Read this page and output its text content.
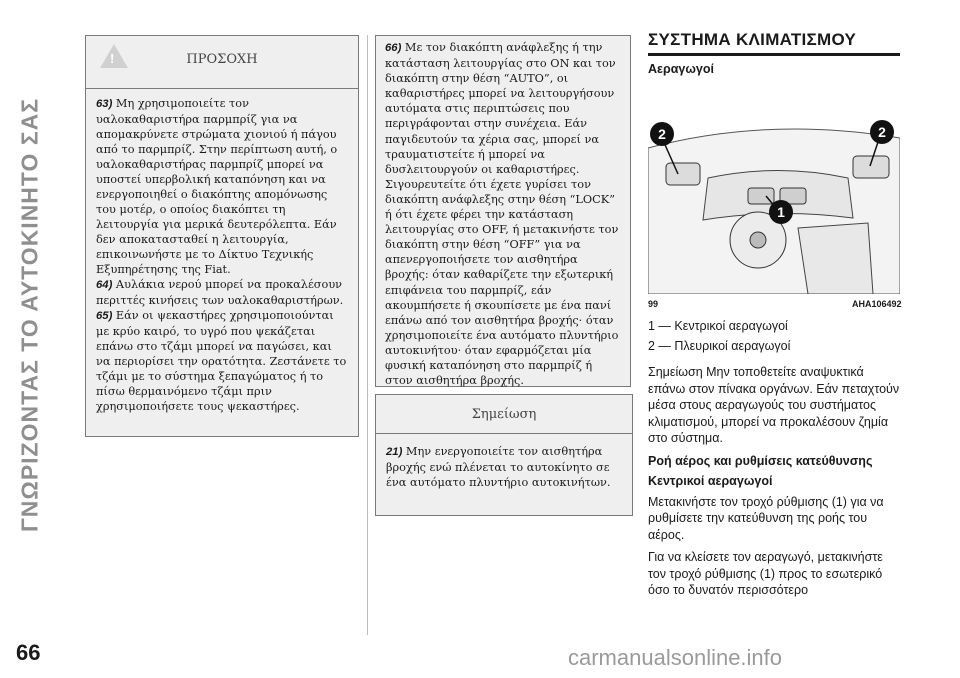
ΓΝΩΡΙΖΟΝΤΑΣ ΤΟ ΑΥΤΟΚΙΝΗΤΟ ΣΑΣ
66	carmanualsonline.info
!	ΠΡΟΣΟΧΗ

63) Μη χρησιμοποιείτε τον υαλοκαθαριστήρα παρμπρίζ για να απομακρύνετε στρώματα χιονιού ή πάγου από το παρμπρίζ. Στην περίπτωση αυτή, ο υαλοκαθαριστήρας παρμπρίζ μπορεί να υποστεί υπερβολική καταπόνηση και να ενεργοποιηθεί ο διακόπτης απομόνωσης του μοτέρ, ο οποίος διακόπτει τη λειτουργία για μερικά δευτερόλεπτα. Εάν δεν αποκατασταθεί η λειτουργία, επικοινωνήστε με το Δίκτυο Τεχνικής Εξυπηρέτησης της Fiat.

64) Αυλάκια νερού μπορεί να προκαλέσουν περιττές κινήσεις των υαλοκαθαριστήρων.

65) Εάν οι ψεκαστήρες χρησιμοποιούνται με κρύο καιρό, το υγρό που ψεκάζεται επάνω στο τζάμι μπορεί να παγώσει, και να περιορίσει την ορατότητα. Ζεστάνετε το τζάμι με το σύστημα ξεπαγώματος ή το πίσω θερμαινόμενο τζάμι πριν χρησιμοποιήσετε τους ψεκαστήρες.

66) Με τον διακόπτη ανάφλεξης ή την κατάσταση λειτουργίας στο ON και τον διακόπτη στην θέση “AUTO”, οι καθαριστήρες μπορεί να λειτουργήσουν αυτόματα στις περιπτώσεις που περιγράφονται στην συνέχεια. Εάν παγιδευτούν τα χέρια σας, μπορεί να τραυματιστείτε ή μπορεί να δυσλειτουργούν οι καθαριστήρες. Σιγουρευτείτε ότι έχετε γυρίσει τον διακόπτη ανάφλεξης στην θέση “LOCK” ή ότι έχετε φέρει την κατάσταση λειτουργίας στο OFF, ή μετακινήστε τον διακόπτη στην θέση “OFF” για να απενεργοποιήσετε τον αισθητήρα βροχής: όταν καθαρίζετε την εξωτερική επιφάνεια του παρμπρίζ, εάν ακουμπήσετε ή σκουπίσετε με ένα πανί επάνω από τον αισθητήρα βροχής· όταν χρησιμοποιείτε ένα αυτόματο πλυντήριο αυτοκινήτου· όταν εφαρμόζεται μία φυσική καταπόνηση στο παρμπρίζ ή στον αισθητήρα βροχής.
Σημείωση
21) Μην ενεργοποιείτε τον αισθητήρα βροχής ενώ πλένεται το αυτοκίνητο σε ένα αυτόματο πλυντήριο αυτοκινήτων.
ΣΥΣΤΗΜΑ ΚΛΙΜΑΤΙΣΜΟΥ
Αεραγωγοί
2	2
1
99	AHA106492

1 — Κεντρικοί αεραγωγοί

2 — Πλευρικοί αεραγωγοί

Σημείωση Μην τοποθετείτε αναψυκτικά επάνω στον πίνακα οργάνων. Εάν πεταχτούν μέσα στους αεραγωγούς του συστήματος κλιματισμού, μπορεί να προκαλέσουν ζημία στο σύστημα.

Ροή αέρος και ρυθμίσεις κατεύθυνσης

Κεντρικοί αεραγωγοί

Μετακινήστε τον τροχό ρύθμισης (1) για να ρυθμίσετε την κατεύθυνση της ροής του αέρος.

Για να κλείσετε τον αεραγωγό, μετακινήστε τον τροχό ρύθμισης (1) προς το εσωτερικό όσο το δυνατόν περισσότερο
